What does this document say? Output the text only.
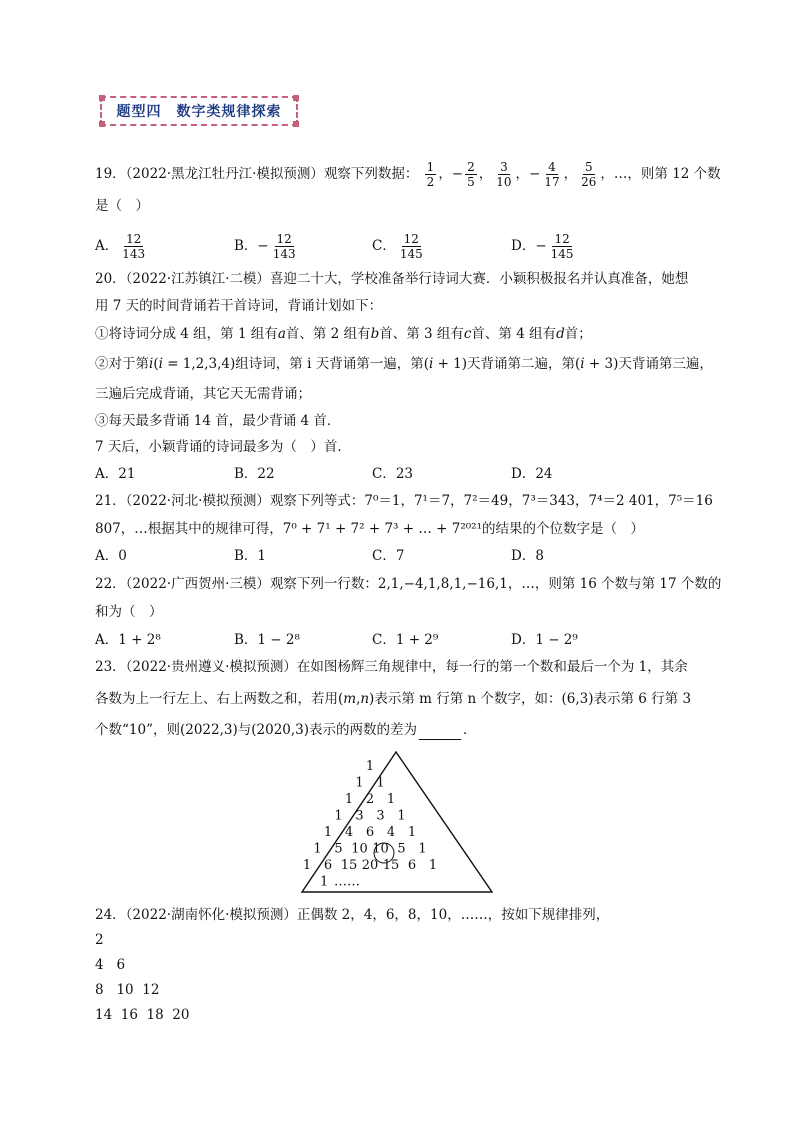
题型四　数字类规律探索
19．（2022·黑龙江牡丹江·模拟预测）观察下列数据： $\frac{1}{2}$ ，− $\frac{2}{5}$ ， $\frac{3}{10}$ ，− $\frac{4}{17}$ ， $\frac{5}{26}$ ，…，则第 12 个数
是（　）
A． $\frac{12}{143}$	B．− $\frac{12}{143}$	C． $\frac{12}{145}$	D．− $\frac{12}{145}$
20．（2022·江苏镇江·二模）喜迎二十大，学校准备举行诗词大赛．小颖积极报名并认真准备，她想
用 7 天的时间背诵若干首诗词，背诵计划如下：
①将诗词分成 4 组，第 1 组有𝑎首、第 2 组有𝑏首、第 3 组有𝑐首、第 4 组有𝑑首；
②对于第𝑖(𝑖 = 1,2,3,4)组诗词，第 i 天背诵第一遍，第(𝑖 + 1)天背诵第二遍，第(𝑖 + 3)天背诵第三遍，
三遍后完成背诵，其它天无需背诵；
③每天最多背诵 14 首，最少背诵 4 首．
7 天后，小颖背诵的诗词最多为（　）首．
A．21	B．22	C．23	D．24
21．（2022·河北·模拟预测）观察下列等式：7⁰＝1，7¹＝7，7²＝49，7³＝343，7⁴＝2 401，7⁵＝16
807，…根据其中的规律可得，7⁰ + 7¹ + 7² + 7³ + … + 7²⁰²¹的结果的个位数字是（　）
A．0	B．1	C．7	D．8
22．（2022·广西贺州·三模）观察下列一行数：2,1,−4,1,8,1,−16,1，…，则第 16 个数与第 17 个数的
和为（　）
A．1 + 2⁸	B．1 − 2⁸	C．1 + 2⁹	D．1 − 2⁹
23．（2022·贵州遵义·模拟预测）在如图杨辉三角规律中，每一行的第一个数和最后一个为 1，其余
各数为上一行左上、右上两数之和，若用(𝑚,𝑛)表示第 m 行第 n 个数字，如：(6,3)表示第 6 行第 3
个数“10”，则(2022,3)与(2020,3)表示的两数的差为	．
1
1 1
1 2 1
1 3 3 1
1 4 6 4 1
1 5 10 10 5 1
1 6 15 20 15 6 1
1 ……
24．（2022·湖南怀化·模拟预测）正偶数 2，4，6，8，10，……，按如下规律排列，
2
4   6
8   10  12
14  16  18  20
